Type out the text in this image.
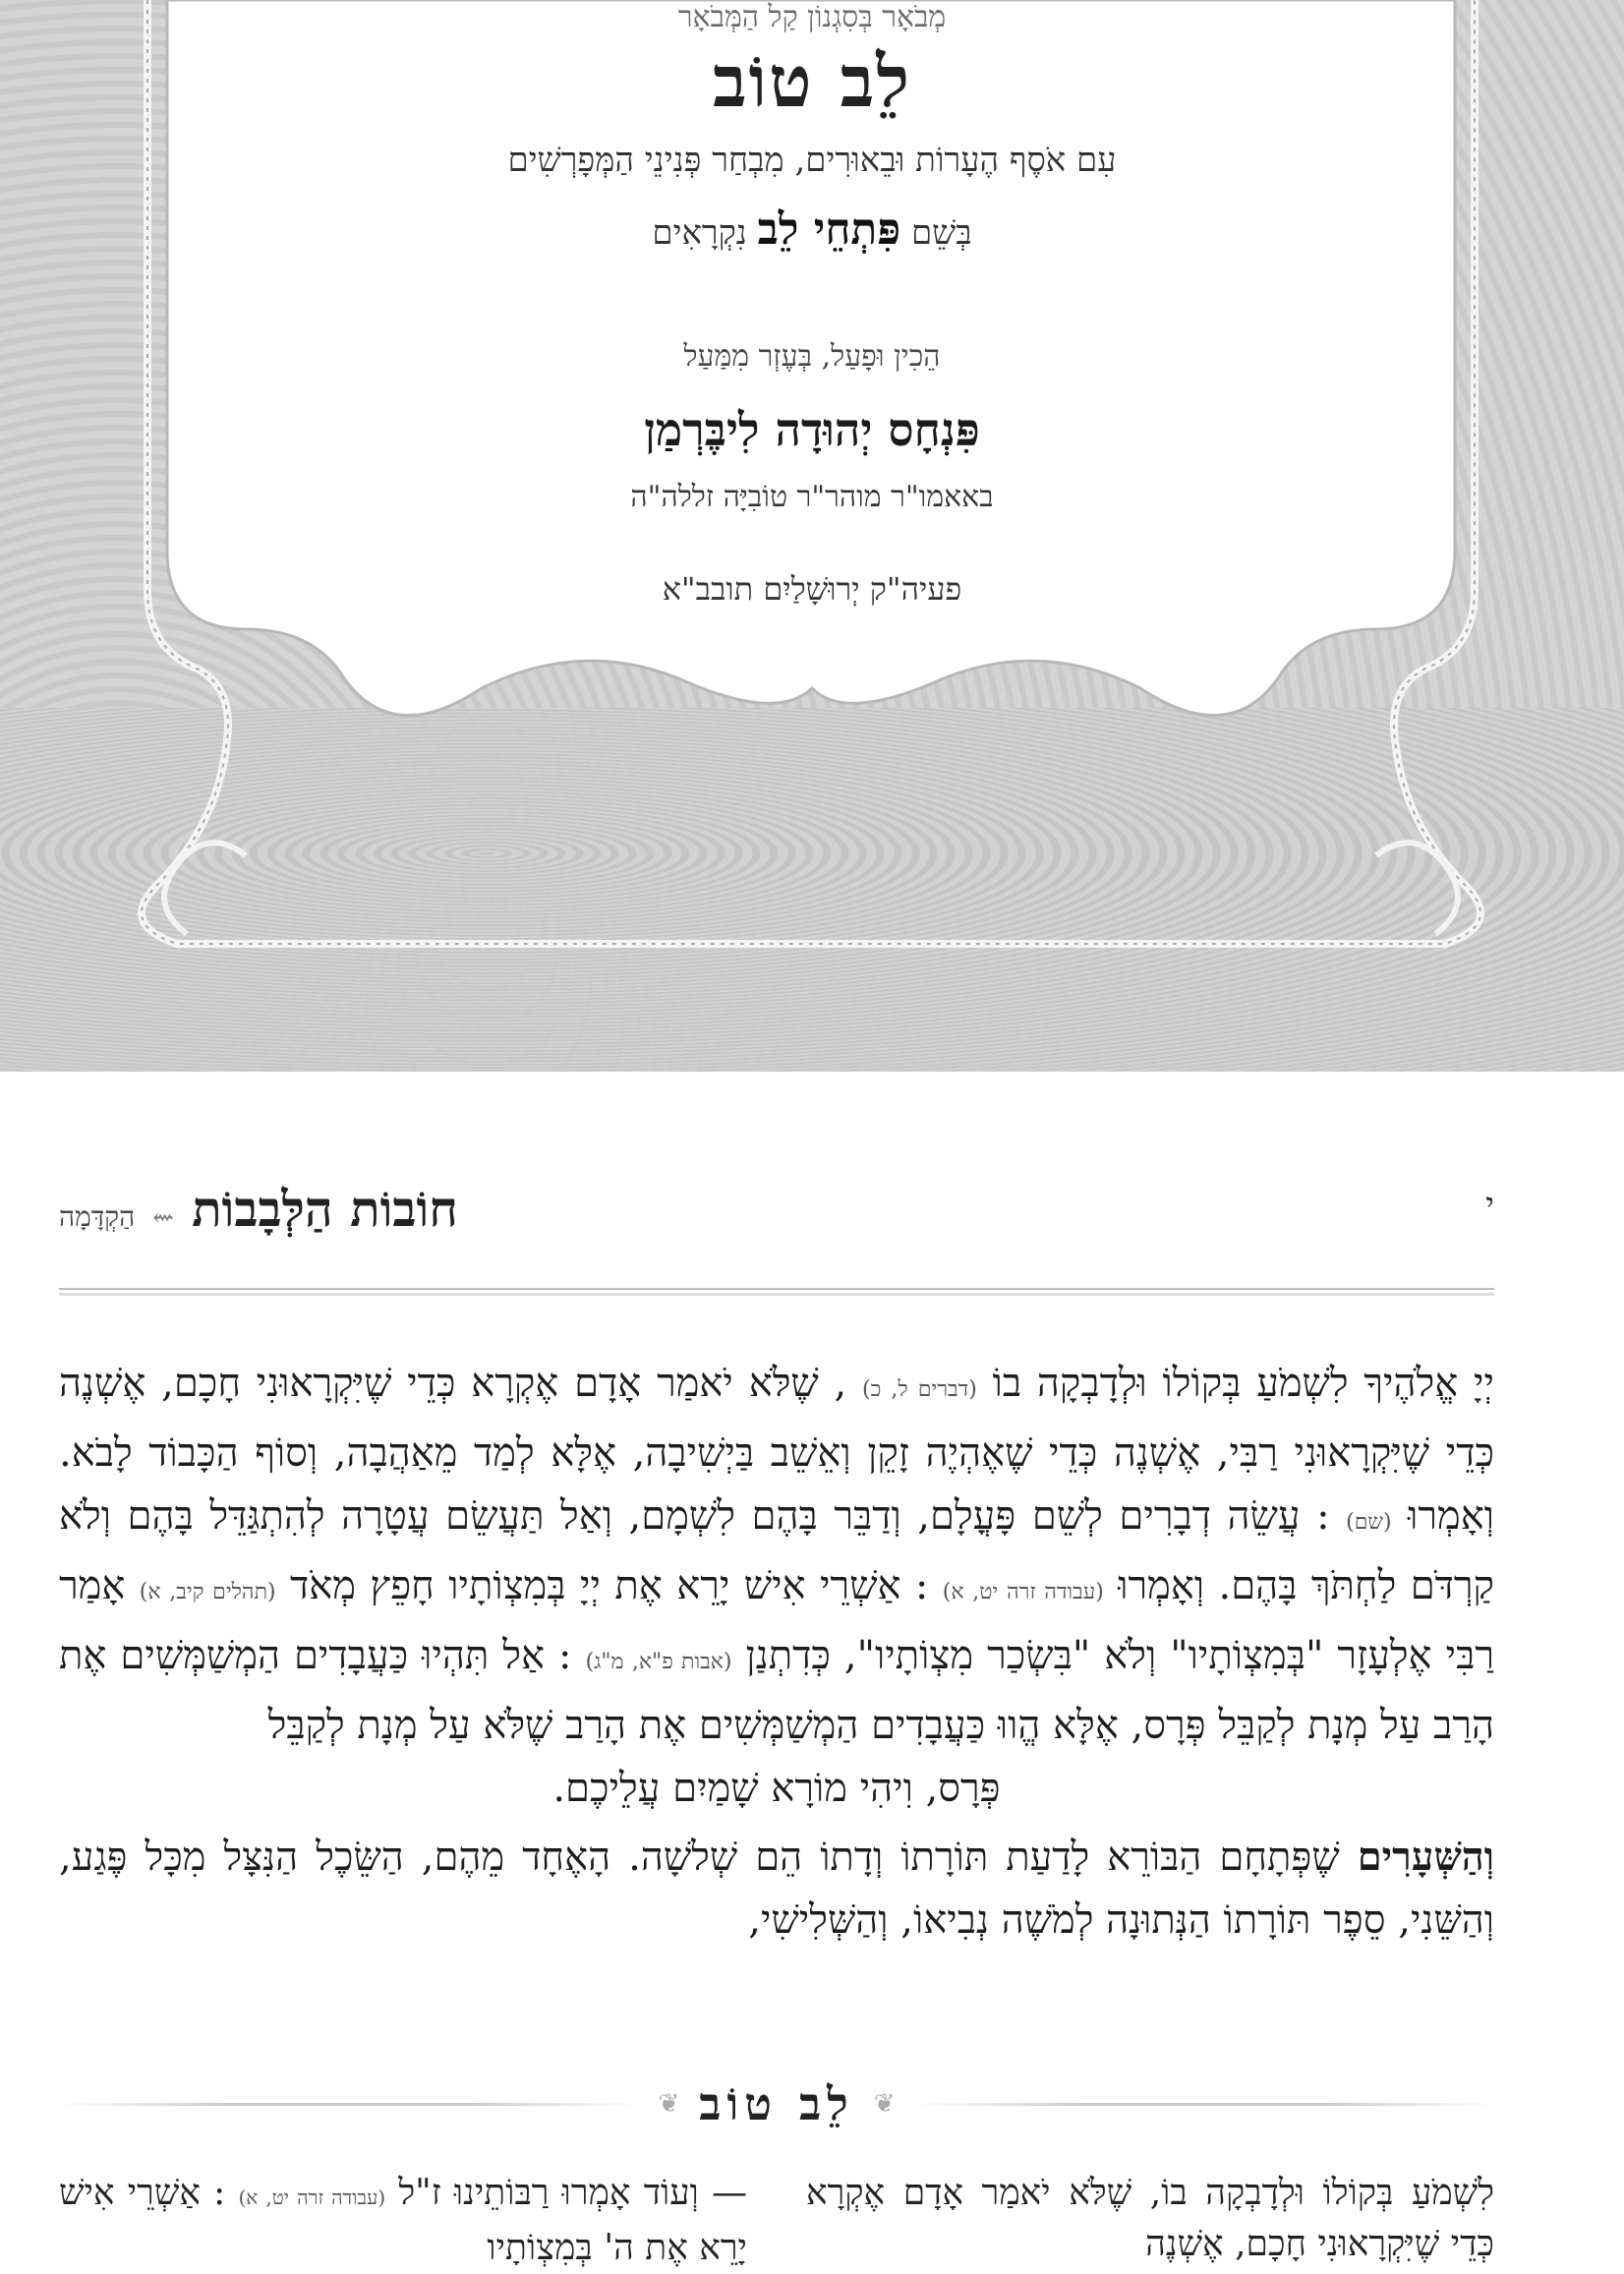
מְבֹאָר בְּסִגְנוֹן קַל הַמְּבֹאָר
לֵב טוֹב
עִם אֹסֶף הֶעָרוֹת וּבֵאוּרִים, מִבְחַר פְּנִינֵי הַמְּפָרְשִׁים
בְּשֵׁם פִּתְחֵי לֵב נִקְרָאִים
הֵכִין וּפָעַל, בְּעֶזְר מִמַּעַל
פִּנְחָס יְהוּדָה לִיבֶּרְמַן
באאמו"ר מוהר"ר טוֹבִיָּה זללה"ה
פעיה"ק יְרוּשָׁלַיִם תובב"א
חוֹבוֹת הַלְּבָבוֹת
⇜
הַקְדָּמָה	י

יְיָ אֱלֹהֶיךָ לִשְׁמֹעַ בְּקוֹלוֹ וּלְדָבְקָה בוֹ (דברים ל, כ) , שֶׁלֹּא יֹאמַר אָדָם אֶקְרָא כְּדֵי שֶׁיִּקְרָאוּנִי חָכָם, אֶשְׁנֶה כְּדֵי שֶׁיִּקְרָאוּנִי רַבִּי, אֶשְׁנֶה כְּדֵי שֶׁאֶהְיֶה זָקֵן וְאֵשֵׁב בַּיְשִׁיבָה, אֶלָּא לְמַד מֵאַהֲבָה, וְסוֹף הַכָּבוֹד לָבֹא. וְאָמְרוּ (שם) : עֲשֵׂה דְבָרִים לְשֵׁם פָּעֳלָם, וְדַבֵּר בָּהֶם לִשְׁמָם, וְאַל תַּעֲשֵׂם עֲטָרָה לְהִתְגַּדֵּל בָּהֶם וְלֹא קַרְדֹּם לַחְתֹּךְ בָּהֶם. וְאָמְרוּ (עבודה זרה יט, א) : אַשְׁרֵי אִישׁ יָרֵא אֶת יְיָ בְּמִצְוֹתָיו חָפֵץ מְאֹד (תהלים קיב, א) אָמַר רַבִּי אֶלְעָזָר "בְּמִצְוֹתָיו" וְלֹא "בִּשְׂכַר מִצְוֹתָיו", כְּדִתְנַן (אבות פ"א, מ"ג) : אַל תִּהְיוּ כַּעֲבָדִים הַמְשַׁמְּשִׁים אֶת הָרַב עַל מְנָת לְקַבֵּל פְּרָס, אֶלָּא הֱווּ כַּעֲבָדִים הַמְשַׁמְּשִׁים אֶת הָרַב שֶׁלֹּא עַל מְנָת לְקַבֵּל

פְּרָס, וִיהִי מוֹרָא שָׁמַיִם עֲלֵיכֶם.

וְהַשְּׁעָרִים שֶׁפְּתָחָם הַבּוֹרֵא לָדַעַת תּוֹרָתוֹ וְדָתוֹ הֵם שְׁלשָׁה. הָאֶחָד מֵהֶם, הַשֵּׂכֶל הַנִּצָּל מִכָּל פֶּגַע, וְהַשֵּׁנִי, סֵפֶר תּוֹרָתוֹ הַנְּתוּנָה לְמֹשֶׁה נְבִיאוֹ, וְהַשְּׁלִישִׁי,

❦ לֵב טוֹב ❦
לִשְׁמֹעַ בְּקוֹלוֹ וּלְדָבְקָה בוֹ, שֶׁלֹּא יֹאמַר אָדָם אֶקְרָא כְּדֵי שֶׁיִּקְרָאוּנִי חָכָם, אֶשְׁנֶה
— וְעוֹד אָמְרוּ רַבּוֹתֵינוּ ז"ל (עבודה זרה יט, א) : אַשְׁרֵי אִישׁ יָרֵא אֶת ה' בְּמִצְוֹתָיו
